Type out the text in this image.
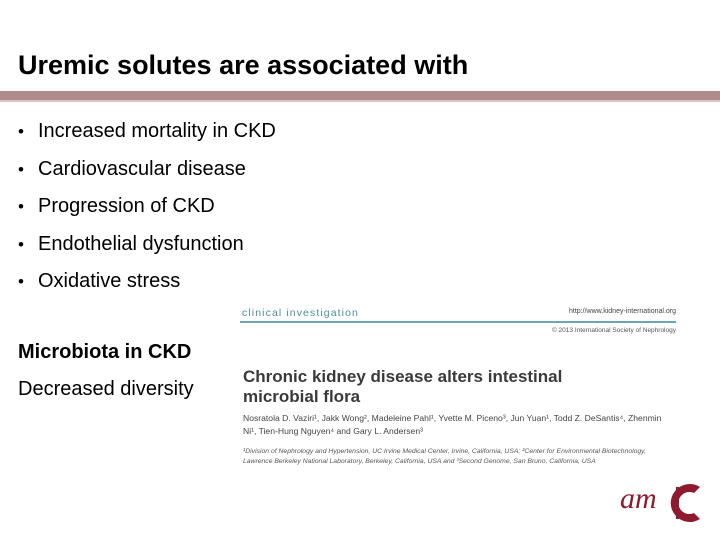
Uremic solutes are associated with
• Increased mortality in CKD
• Cardiovascular disease
• Progression of CKD
• Endothelial dysfunction
• Oxidative stress
Microbiota in CKD

Decreased diversity

clinical investigation	http://www.kidney-international.org
© 2013 International Society of Nephrology
Chronic kidney disease alters intestinal microbial flora
Nosratola D. Vaziri¹, Jakk Wong², Madeleine Pahl¹, Yvette M. Piceno³, Jun Yuan¹, Todd Z. DeSantis⁴, Zhenmin Ni¹, Tien-Hung Nguyen⁴ and Gary L. Andersen³
¹Division of Nephrology and Hypertension, UC Irvine Medical Center, Irvine, California, USA; ²Center for Environmental Biotechnology, Lawrence Berkeley National Laboratory, Berkeley, California, USA and ³Second Genome, San Bruno, California, USA
am
